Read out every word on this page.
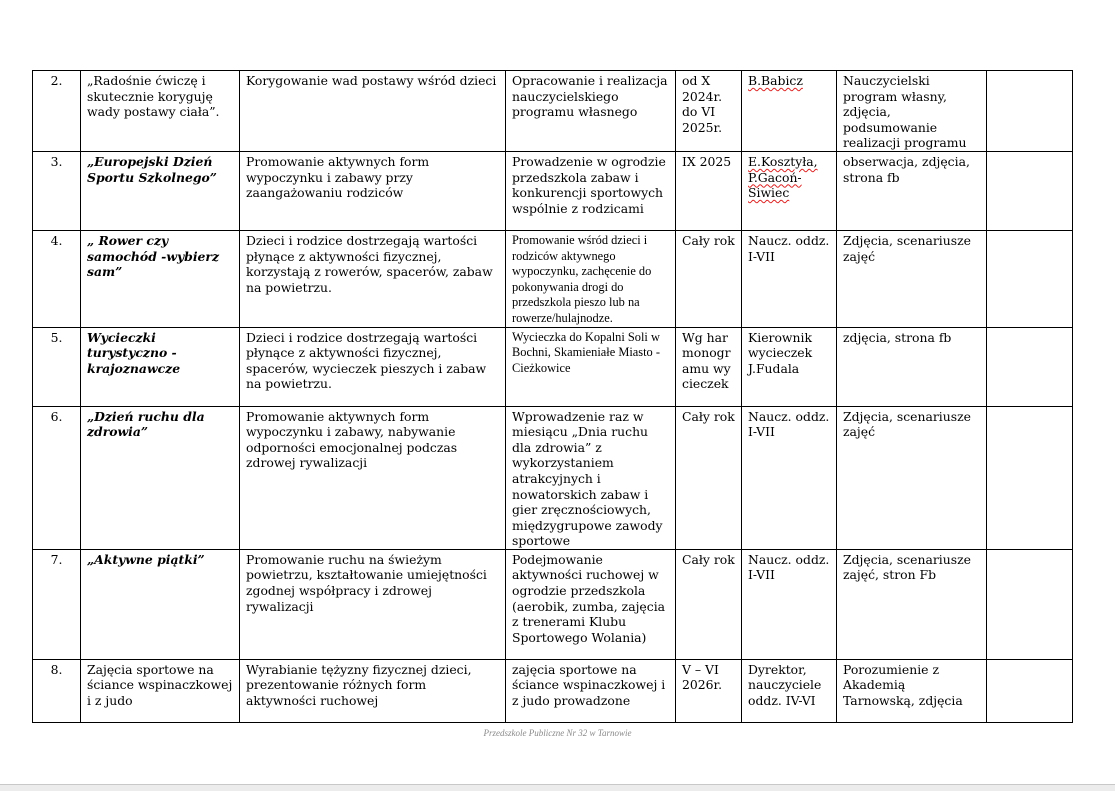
2.	„Radośnie ćwiczę i skutecznie koryguję wady postawy ciała”.	Korygowanie wad postawy wśród dzieci	Opracowanie i realizacja nauczycielskiego programu własnego	od X 2024r. do VI 2025r.	B.Babicz	Nauczycielski program własny, zdjęcia, podsumowanie realizacji programu	
3.	„Europejski Dzień Sportu Szkolnego”	Promowanie aktywnych form wypoczynku i zabawy przy zaangażowaniu rodziców	Prowadzenie w ogrodzie przedszkola zabaw i konkurencji sportowych wspólnie z rodzicami	IX 2025	E.Kosztyła, P.Gacoń-Siwiec	obserwacja, zdjęcia, strona fb	
4.	„ Rower czy samochód -wybierz sam”	Dzieci i rodzice dostrzegają wartości płynące z aktywności fizycznej, korzystają z rowerów, spacerów, zabaw na powietrzu.	Promowanie wśród dzieci i rodziców aktywnego wypoczynku, zachęcenie do pokonywania drogi do przedszkola pieszo lub na rowerze/hulajnodze.	Cały rok	Naucz. oddz. I-VII	Zdjęcia, scenariusze zajęć	
5.	Wycieczki turystyczno - krajoznawcze	Dzieci i rodzice dostrzegają wartości płynące z aktywności fizycznej, spacerów, wycieczek pieszych i zabaw na powietrzu.	Wycieczka do Kopalni Soli w Bochni, Skamieniałe Miasto - Cieżkowice	Wg harmonogramu wycieczek	Kierownik wycieczek J.Fudala	zdjęcia, strona fb	
6.	„Dzień ruchu dla zdrowia”	Promowanie aktywnych form wypoczynku i zabawy, nabywanie odporności emocjonalnej podczas zdrowej rywalizacji	Wprowadzenie raz w miesiącu „Dnia ruchu dla zdrowia” z wykorzystaniem atrakcyjnych i nowatorskich zabaw i gier zręcznościowych, międzygrupowe zawody sportowe	Cały rok	Naucz. oddz. I-VII	Zdjęcia, scenariusze zajęć	
7.	„Aktywne piątki”	Promowanie ruchu na świeżym powietrzu, kształtowanie umiejętności zgodnej współpracy i zdrowej rywalizacji	Podejmowanie aktywności ruchowej w ogrodzie przedszkola (aerobik, zumba, zajęcia z trenerami Klubu Sportowego Wolania)	Cały rok	Naucz. oddz. I-VII	Zdjęcia, scenariusze zajęć, stron Fb	
8.	Zajęcia sportowe na ściance wspinaczkowej i z judo	Wyrabianie tężyzny fizycznej dzieci, prezentowanie różnych form aktywności ruchowej	zajęcia sportowe na ściance wspinaczkowej i z judo prowadzone	V – VI 2026r.	Dyrektor, nauczyciele oddz. IV-VI	Porozumienie z Akademią Tarnowską, zdjęcia	
Przedszkole Publiczne Nr 32 w Tarnowie
